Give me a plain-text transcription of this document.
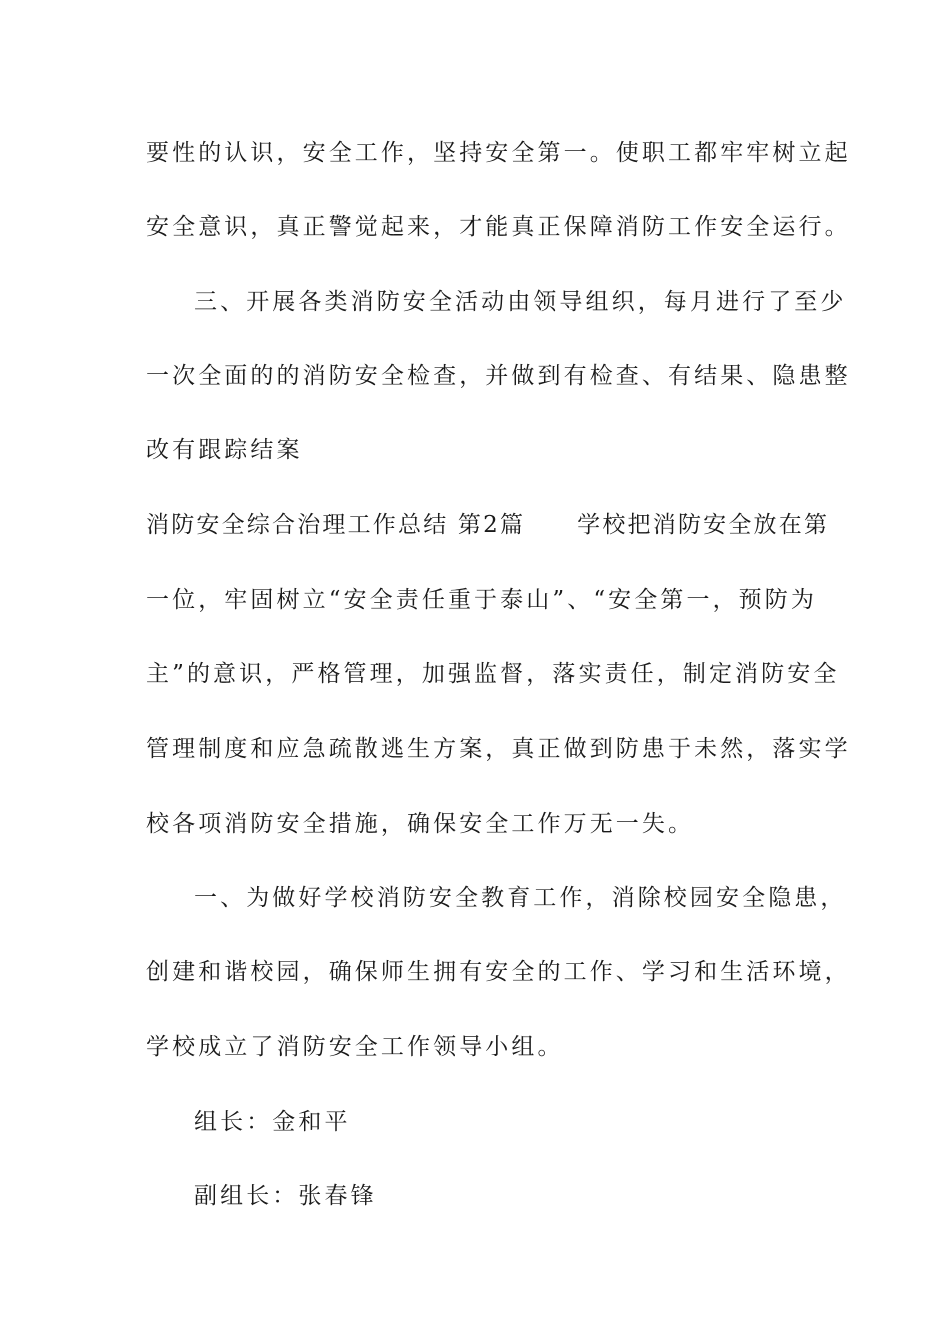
要性的认识，安全工作，坚持安全第一。使职工都牢牢树立起
安全意识，真正警觉起来，才能真正保障消防工作安全运行。
三、开展各类消防安全活动由领导组织，每月进行了至少
一次全面的的消防安全检查，并做到有检查、有结果、隐患整
改有跟踪结案
消防安全综合治理工作总结 第2篇 学校把消防安全放在第
一位，牢固树立“安全责任重于泰山”、“安全第一，预防为
主”的意识，严格管理，加强监督，落实责任，制定消防安全
管理制度和应急疏散逃生方案，真正做到防患于未然，落实学
校各项消防安全措施，确保安全工作万无一失。
一、为做好学校消防安全教育工作，消除校园安全隐患，
创建和谐校园，确保师生拥有安全的工作、学习和生活环境，
学校成立了消防安全工作领导小组。
组长：金和平
副组长：张春锋
